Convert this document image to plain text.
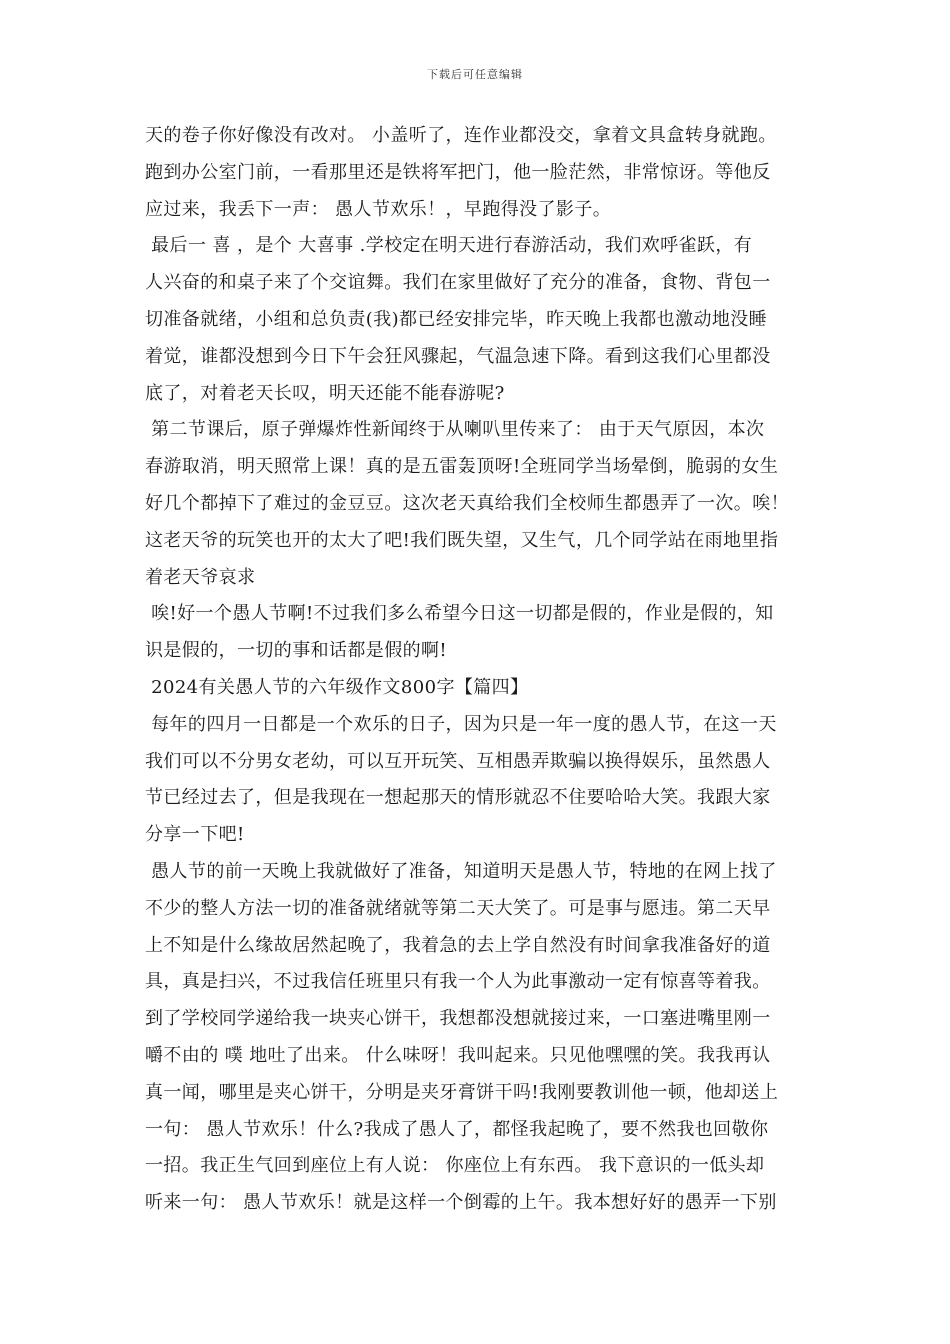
下载后可任意编辑
天的卷子你好像没有改对。 小盖听了，连作业都没交，拿着文具盒转身就跑。
跑到办公室门前，一看那里还是铁将军把门，他一脸茫然，非常惊讶。等他反
应过来，我丢下一声： 愚人节欢乐！，早跑得没了影子。
最后一 喜 ，是个 大喜事 .学校定在明天进行春游活动，我们欢呼雀跃，有
人兴奋的和桌子来了个交谊舞。我们在家里做好了充分的准备，食物、背包一
切准备就绪，小组和总负责(我)都已经安排完毕，昨天晚上我都也激动地没睡
着觉，谁都没想到今日下午会狂风骤起，气温急速下降。看到这我们心里都没
底了，对着老天长叹，明天还能不能春游呢?
第二节课后，原子弹爆炸性新闻终于从喇叭里传来了： 由于天气原因，本次
春游取消，明天照常上课！真的是五雷轰顶呀!全班同学当场晕倒，脆弱的女生
好几个都掉下了难过的金豆豆。这次老天真给我们全校师生都愚弄了一次。唉！
这老天爷的玩笑也开的太大了吧!我们既失望，又生气，几个同学站在雨地里指
着老天爷哀求
唉!好一个愚人节啊!不过我们多么希望今日这一切都是假的，作业是假的，知
识是假的，一切的事和话都是假的啊!
2024有关愚人节的六年级作文800字【篇四】
每年的四月一日都是一个欢乐的日子，因为只是一年一度的愚人节，在这一天
我们可以不分男女老幼，可以互开玩笑、互相愚弄欺骗以换得娱乐，虽然愚人
节已经过去了，但是我现在一想起那天的情形就忍不住要哈哈大笑。我跟大家
分享一下吧!
愚人节的前一天晚上我就做好了准备，知道明天是愚人节，特地的在网上找了
不少的整人方法一切的准备就绪就等第二天大笑了。可是事与愿违。第二天早
上不知是什么缘故居然起晚了，我着急的去上学自然没有时间拿我准备好的道
具，真是扫兴，不过我信任班里只有我一个人为此事激动一定有惊喜等着我。
到了学校同学递给我一块夹心饼干，我想都没想就接过来，一口塞进嘴里刚一
嚼不由的 噗 地吐了出来。 什么味呀！我叫起来。只见他嘿嘿的笑。我我再认
真一闻，哪里是夹心饼干，分明是夹牙膏饼干吗!我刚要教训他一顿，他却送上
一句： 愚人节欢乐！什么?我成了愚人了，都怪我起晚了，要不然我也回敬你
一招。我正生气回到座位上有人说： 你座位上有东西。 我下意识的一低头却
听来一句： 愚人节欢乐！就是这样一个倒霉的上午。我本想好好的愚弄一下别
